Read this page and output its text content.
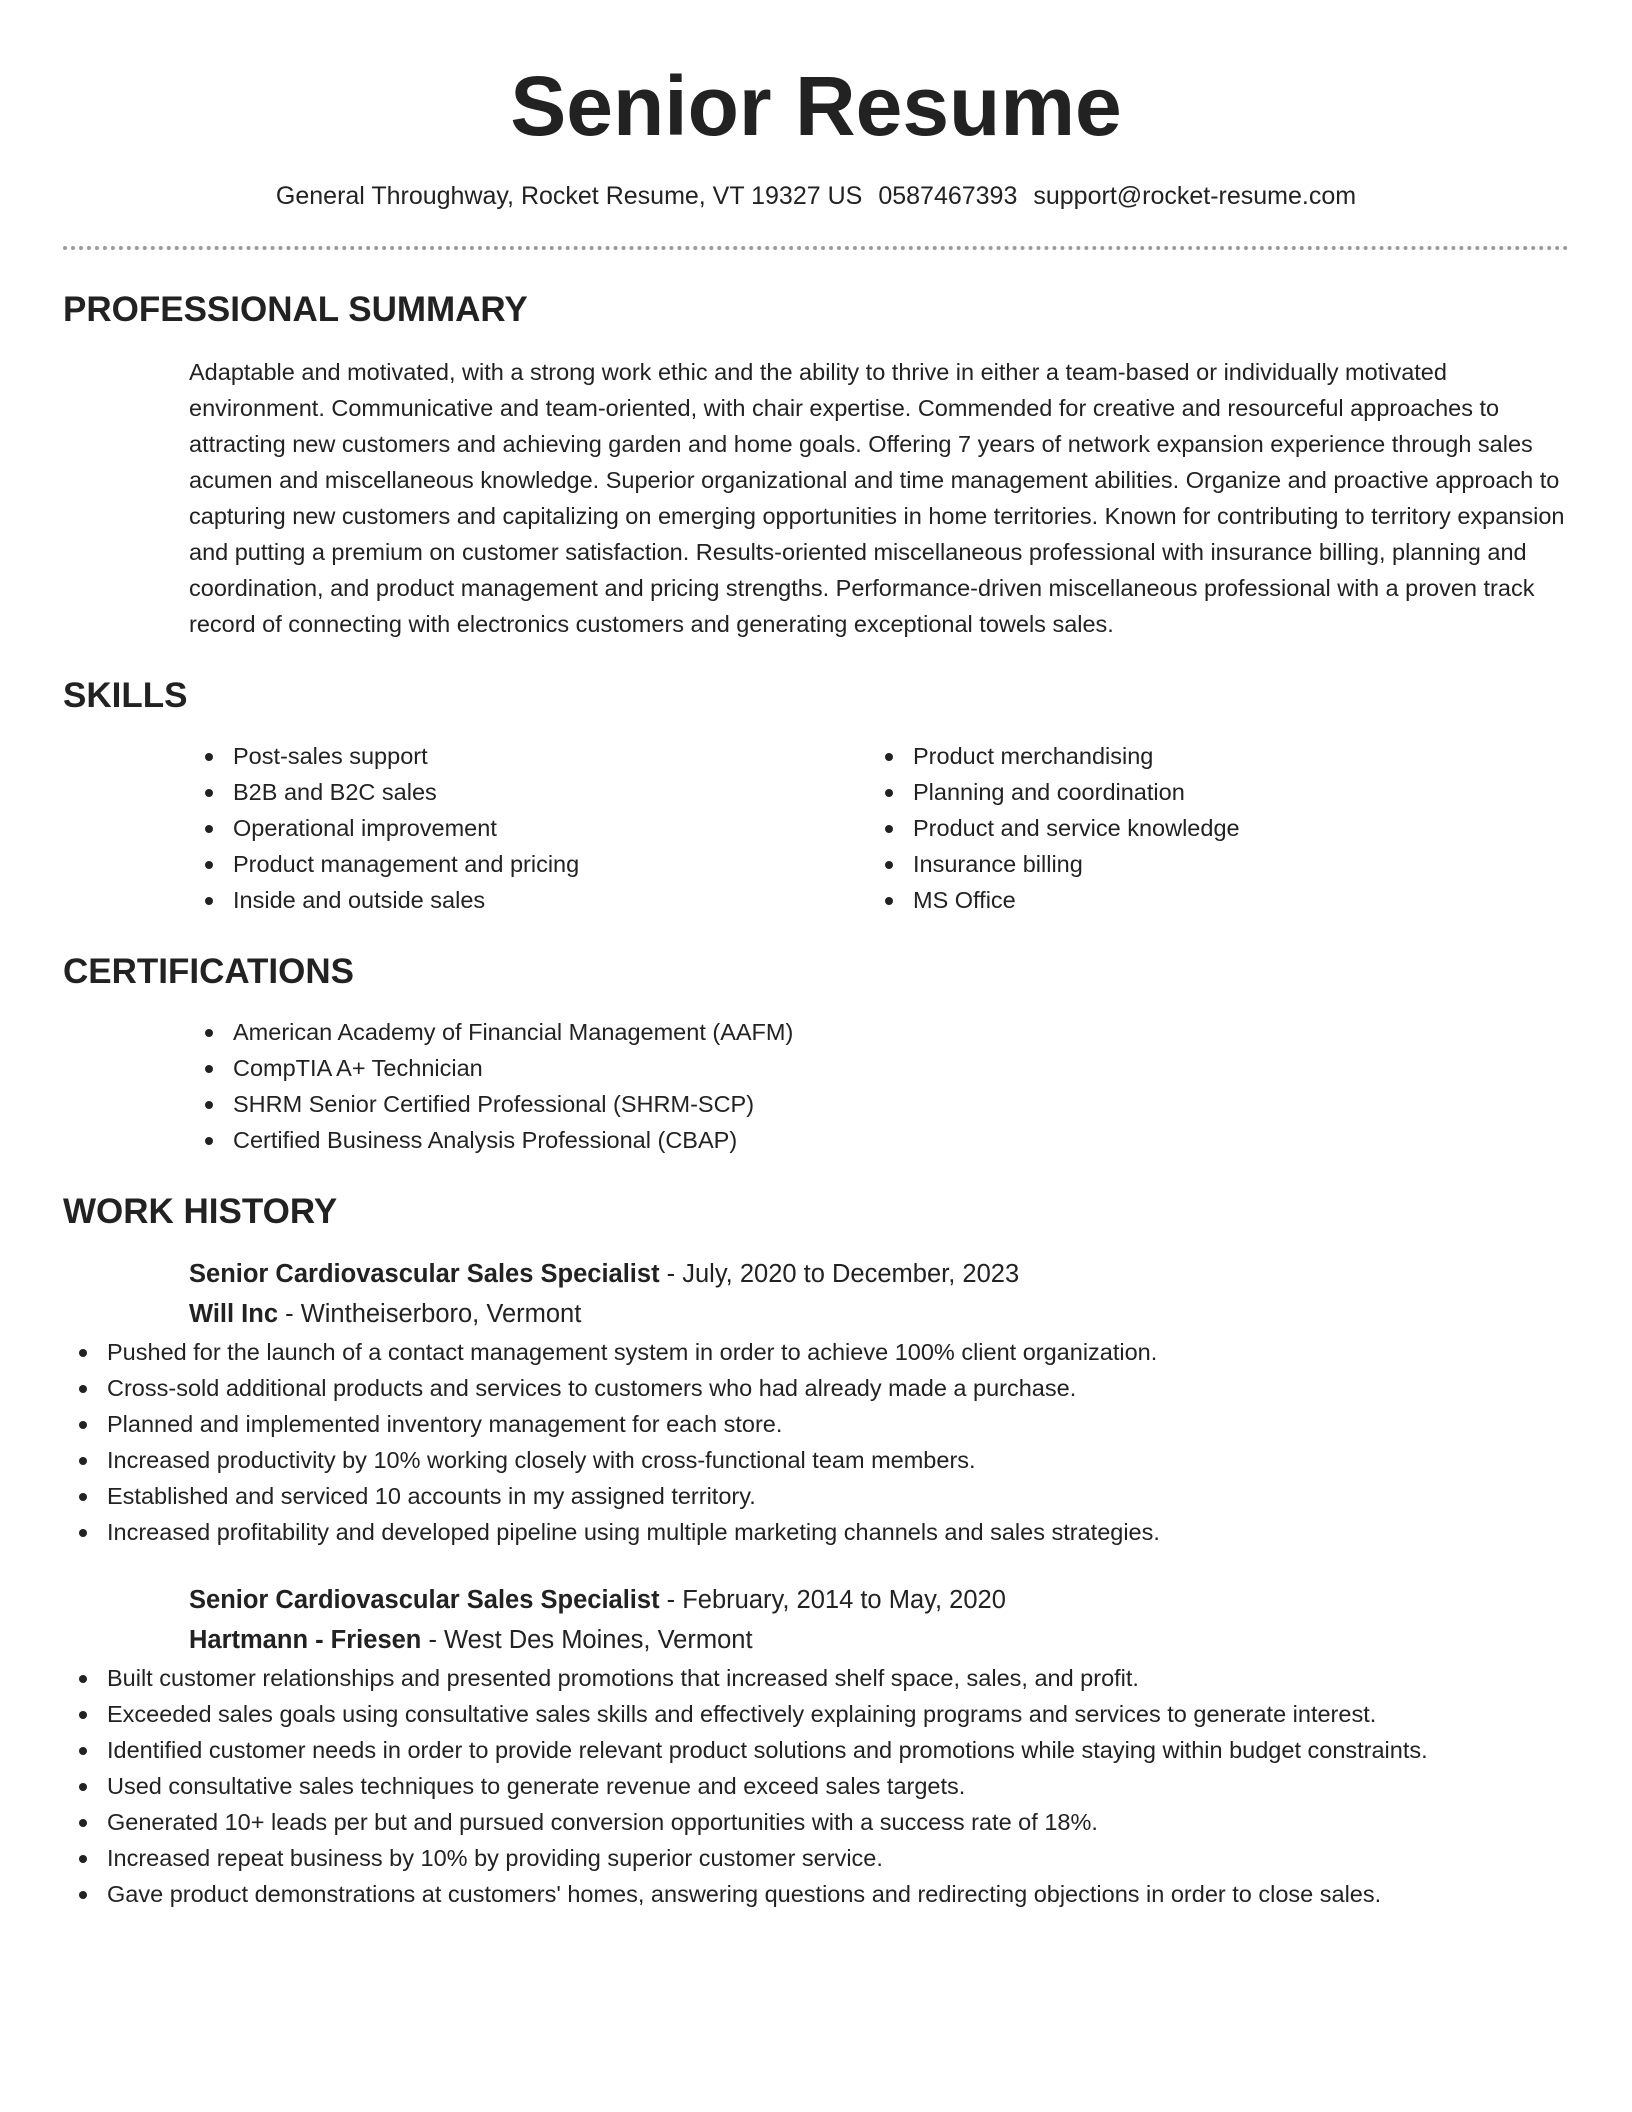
Senior Resume
General Throughway, Rocket Resume, VT 19327 US 0587467393 support@rocket-resume.com
PROFESSIONAL SUMMARY

Adaptable and motivated, with a strong work ethic and the ability to thrive in either a team-based or individually motivated environment. Communicative and team-oriented, with chair expertise. Commended for creative and resourceful approaches to attracting new customers and achieving garden and home goals. Offering 7 years of network expansion experience through sales acumen and miscellaneous knowledge. Superior organizational and time management abilities. Organize and proactive approach to capturing new customers and capitalizing on emerging opportunities in home territories. Known for contributing to territory expansion and putting a premium on customer satisfaction. Results-oriented miscellaneous professional with insurance billing, planning and coordination, and product management and pricing strengths. Performance-driven miscellaneous professional with a proven track record of connecting with electronics customers and generating exceptional towels sales.

SKILLS
Post-sales support
B2B and B2C sales
Operational improvement
Product management and pricing
Inside and outside sales
Product merchandising
Planning and coordination
Product and service knowledge
Insurance billing
MS Office
CERTIFICATIONS
American Academy of Financial Management (AAFM)
CompTIA A+ Technician
SHRM Senior Certified Professional (SHRM-SCP)
Certified Business Analysis Professional (CBAP)
WORK HISTORY
Senior Cardiovascular Sales Specialist - July, 2020 to December, 2023
Will Inc - Wintheiserboro, Vermont
Pushed for the launch of a contact management system in order to achieve 100% client organization.
Cross-sold additional products and services to customers who had already made a purchase.
Planned and implemented inventory management for each store.
Increased productivity by 10% working closely with cross-functional team members.
Established and serviced 10 accounts in my assigned territory.
Increased profitability and developed pipeline using multiple marketing channels and sales strategies.
Senior Cardiovascular Sales Specialist - February, 2014 to May, 2020
Hartmann - Friesen - West Des Moines, Vermont
Built customer relationships and presented promotions that increased shelf space, sales, and profit.
Exceeded sales goals using consultative sales skills and effectively explaining programs and services to generate interest.
Identified customer needs in order to provide relevant product solutions and promotions while staying within budget constraints.
Used consultative sales techniques to generate revenue and exceed sales targets.
Generated 10+ leads per but and pursued conversion opportunities with a success rate of 18%.
Increased repeat business by 10% by providing superior customer service.
Gave product demonstrations at customers' homes, answering questions and redirecting objections in order to close sales.
